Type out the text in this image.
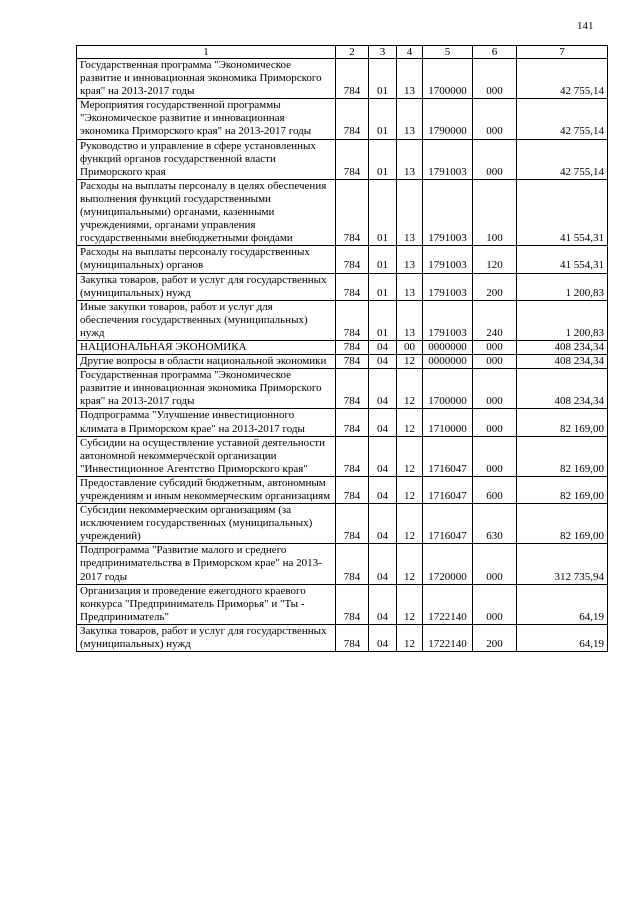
141
1	2	3	4	5	6	7
Государственная программа "Экономическое развитие и инновационная экономика Приморского края" на 2013-2017 годы	784	01	13	1700000	000	42 755,14
Мероприятия государственной программы "Экономическое развитие и инновационная экономика Приморского края" на 2013-2017 годы	784	01	13	1790000	000	42 755,14
Руководство и управление в сфере установленных функций органов государственной власти Приморского края	784	01	13	1791003	000	42 755,14
Расходы на выплаты персоналу в целях обеспечения выполнения функций государственными (муниципальными) органами, казенными учреждениями, органами управления государственными внебюджетными фондами	784	01	13	1791003	100	41 554,31
Расходы на выплаты персоналу государственных (муниципальных) органов	784	01	13	1791003	120	41 554,31
Закупка товаров, работ и услуг для государственных (муниципальных) нужд	784	01	13	1791003	200	1 200,83
Иные закупки товаров, работ и услуг для обеспечения государственных (муниципальных) нужд	784	01	13	1791003	240	1 200,83
НАЦИОНАЛЬНАЯ ЭКОНОМИКА	784	04	00	0000000	000	408 234,34
Другие вопросы в области национальной экономики	784	04	12	0000000	000	408 234,34
Государственная программа "Экономическое развитие и инновационная экономика Приморского края" на 2013-2017 годы	784	04	12	1700000	000	408 234,34
Подпрограмма "Улучшение инвестиционного климата в Приморском крае" на 2013-2017 годы	784	04	12	1710000	000	82 169,00
Субсидии на осуществление уставной деятельности автономной некоммерческой организации "Инвестиционное Агентство Приморского края"	784	04	12	1716047	000	82 169,00
Предоставление субсидий бюджетным, автономным учреждениям и иным некоммерческим организациям	784	04	12	1716047	600	82 169,00
Субсидии некоммерческим организациям (за исключением государственных (муниципальных) учреждений)	784	04	12	1716047	630	82 169,00
Подпрограмма "Развитие малого и среднего предпринимательства в Приморском крае" на 2013-2017 годы	784	04	12	1720000	000	312 735,94
Организация и проведение ежегодного краевого конкурса "Предприниматель Приморья" и "Ты - Предприниматель"	784	04	12	1722140	000	64,19
Закупка товаров, работ и услуг для государственных (муниципальных) нужд	784	04	12	1722140	200	64,19
